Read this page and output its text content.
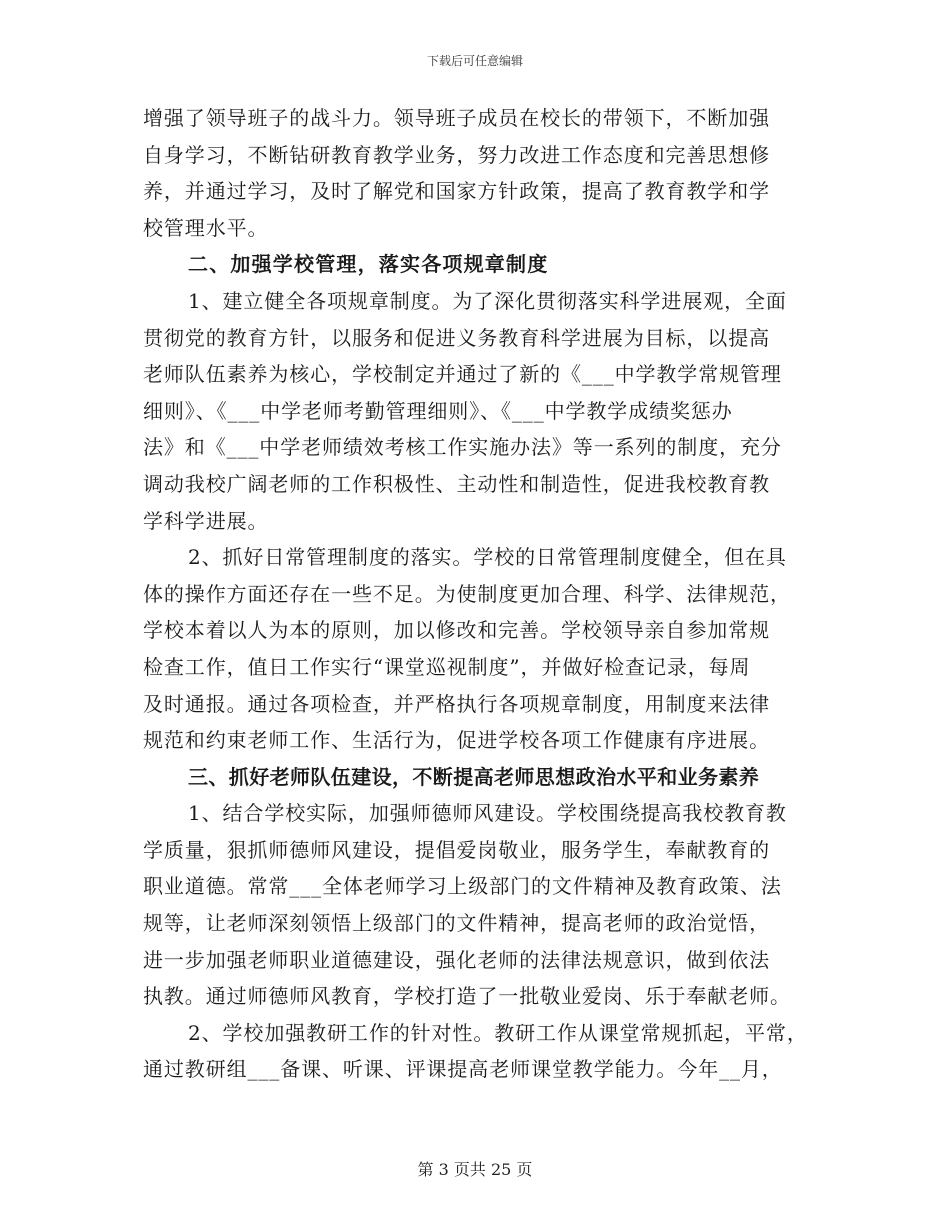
下载后可任意编辑
增强了领导班子的战斗力。领导班子成员在校长的带领下，不断加强
自身学习，不断钻研教育教学业务，努力改进工作态度和完善思想修
养，并通过学习，及时了解党和国家方针政策，提高了教育教学和学
校管理水平。
二、加强学校管理，落实各项规章制度
1、建立健全各项规章制度。为了深化贯彻落实科学进展观，全面
贯彻党的教育方针，以服务和促进义务教育科学进展为目标，以提高
老师队伍素养为核心，学校制定并通过了新的《___中学教学常规管理
细则》、《___中学老师考勤管理细则》、《___中学教学成绩奖惩办
法》和《___中学老师绩效考核工作实施办法》等一系列的制度，充分
调动我校广阔老师的工作积极性、主动性和制造性，促进我校教育教
学科学进展。
2、抓好日常管理制度的落实。学校的日常管理制度健全，但在具
体的操作方面还存在一些不足。为使制度更加合理、科学、法律规范，
学校本着以人为本的原则，加以修改和完善。学校领导亲自参加常规
检查工作，值日工作实行“课堂巡视制度”，并做好检查记录，每周
及时通报。通过各项检查，并严格执行各项规章制度，用制度来法律
规范和约束老师工作、生活行为，促进学校各项工作健康有序进展。
三、抓好老师队伍建设，不断提高老师思想政治水平和业务素养
1、结合学校实际，加强师德师风建设。学校围绕提高我校教育教
学质量，狠抓师德师风建设，提倡爱岗敬业，服务学生，奉献教育的
职业道德。常常___全体老师学习上级部门的文件精神及教育政策、法
规等，让老师深刻领悟上级部门的文件精神，提高老师的政治觉悟，
进一步加强老师职业道德建设，强化老师的法律法规意识，做到依法
执教。通过师德师风教育，学校打造了一批敬业爱岗、乐于奉献老师。
2、学校加强教研工作的针对性。教研工作从课堂常规抓起，平常，
通过教研组___备课、听课、评课提高老师课堂教学能力。今年__月，
第 3 页共 25 页
